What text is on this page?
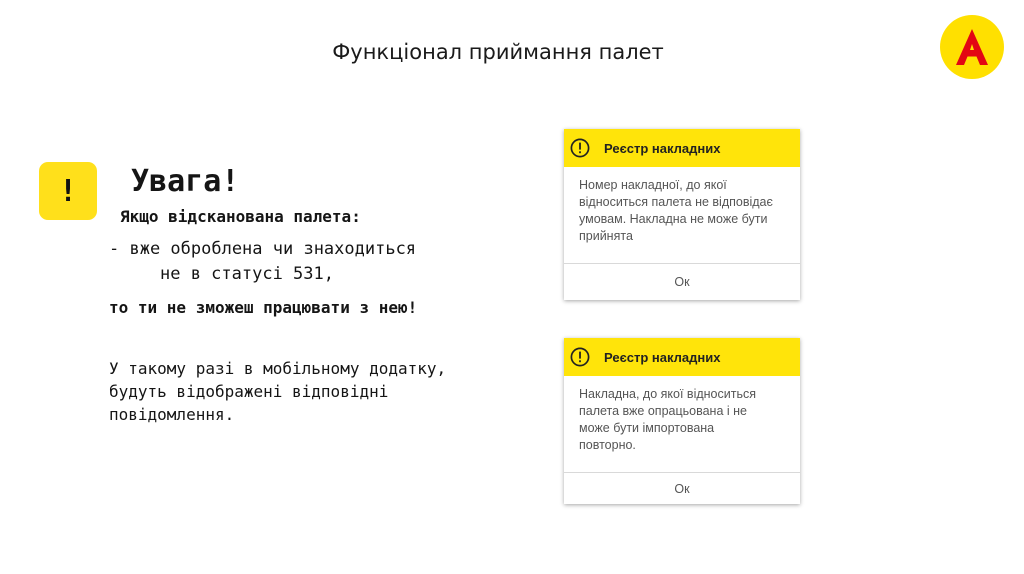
Функціонал приймання палет
!	Увага!
Якщо відсканована палета:
- вже оброблена чи знаходиться
не в статусі 531,
то ти не зможеш працювати з нею!
У такому разі в мобільному додатку,
будуть відображені відповідні
повідомлення.
Реєстр накладних
Номер накладної, до якої
відноситься палета не відповідає
умовам. Накладна не може бути
прийнята
Ок
Реєстр накладних
Накладна, до якої відноситься
палета вже опрацьована і не
може бути імпортована
повторно.
Ок
